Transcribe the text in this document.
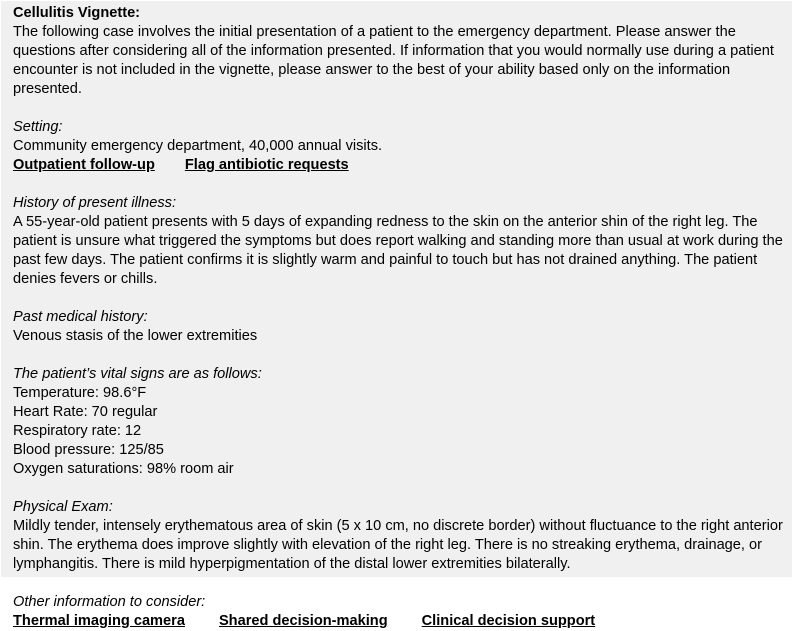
Cellulitis Vignette:

The following case involves the initial presentation of a patient to the emergency department. Please answer the questions after considering all of the information presented. If information that you would normally use during a patient encounter is not included in the vignette, please answer to the best of your ability based only on the information presented.

Setting:

Community emergency department, 40,000 annual visits.

Outpatient follow-up Flag antibiotic requests

History of present illness:

A 55-year-old patient presents with 5 days of expanding redness to the skin on the anterior shin of the right leg. The patient is unsure what triggered the symptoms but does report walking and standing more than usual at work during the past few days. The patient confirms it is slightly warm and painful to touch but has not drained anything. The patient denies fevers or chills.

Past medical history:

Venous stasis of the lower extremities

The patient’s vital signs are as follows:

Temperature: 98.6°F

Heart Rate: 70 regular

Respiratory rate: 12

Blood pressure: 125/85

Oxygen saturations: 98% room air

Physical Exam:

Mildly tender, intensely erythematous area of skin (5 x 10 cm, no discrete border) without fluctuance to the right anterior shin. The erythema does improve slightly with elevation of the right leg. There is no streaking erythema, drainage, or lymphangitis. There is mild hyperpigmentation of the distal lower extremities bilaterally.

Other information to consider:

Thermal imaging camera Shared decision-making Clinical decision support
